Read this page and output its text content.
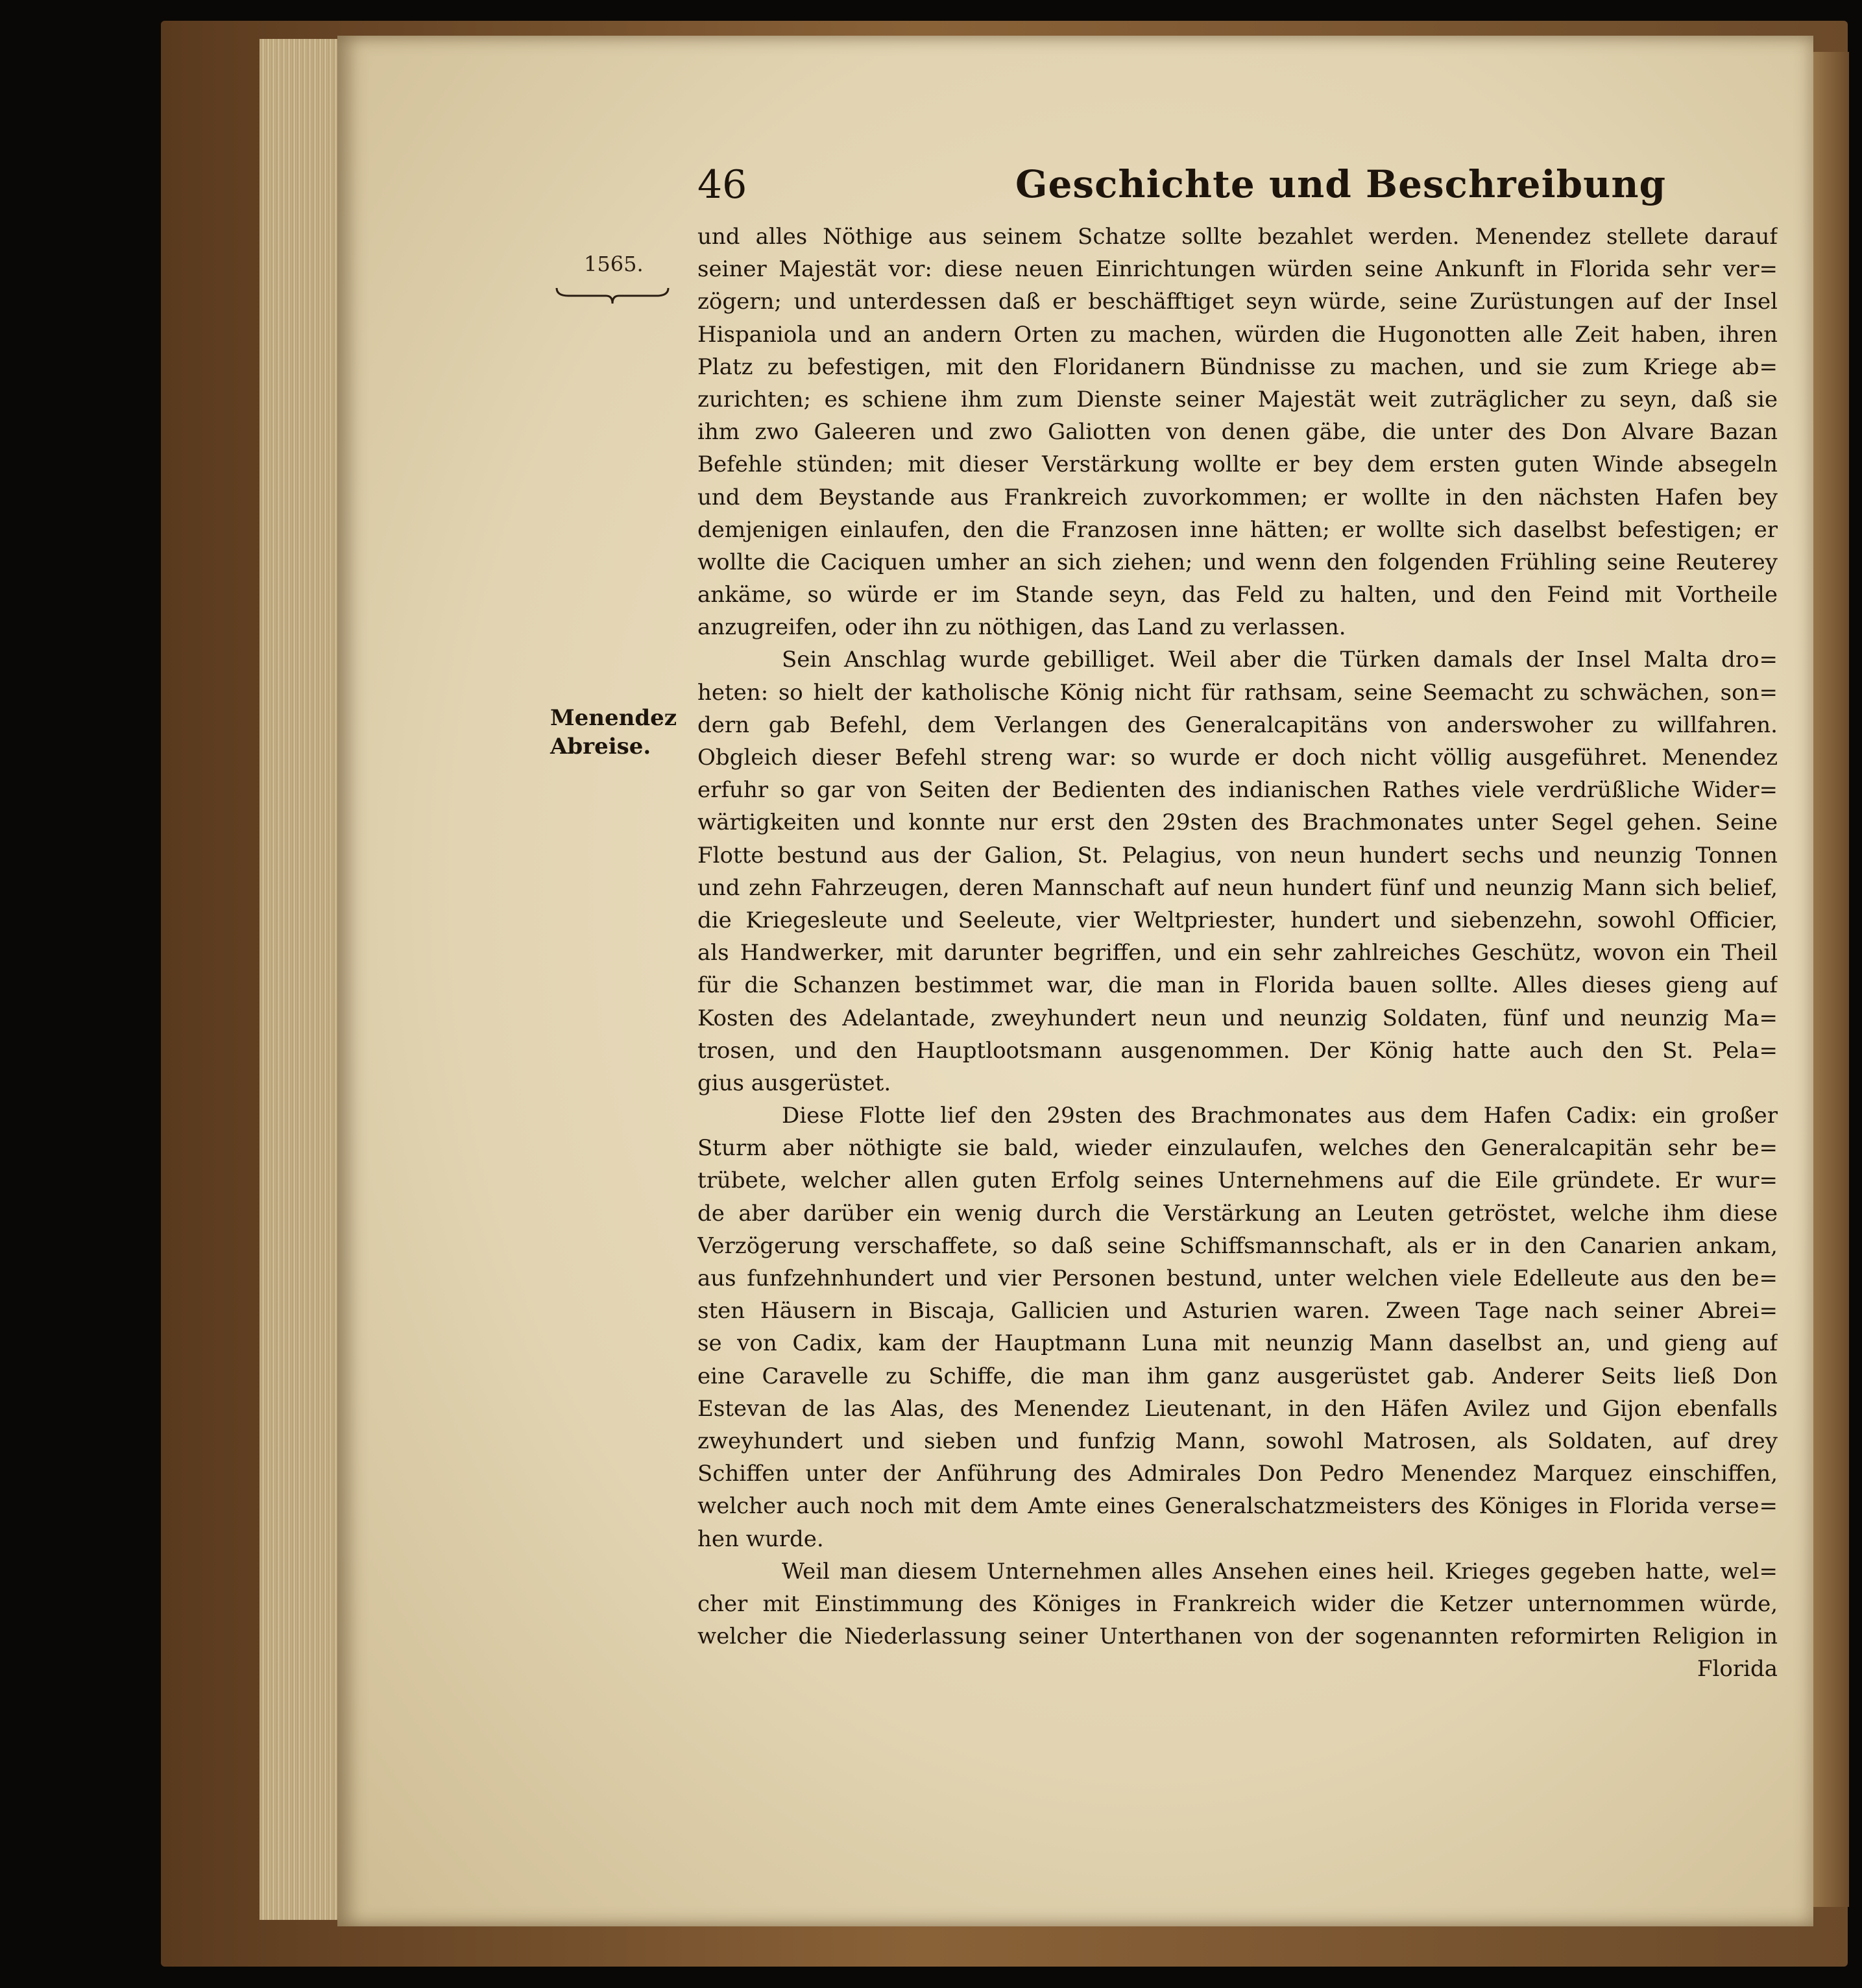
46	Geschichte und Beschreibung
1565.
Menendez
Abreise.
und alles Nöthige aus seinem Schatze sollte bezahlet werden. Menendez stellete darauf
seiner Majestät vor: diese neuen Einrichtungen würden seine Ankunft in Florida sehr ver=
zögern; und unterdessen daß er beschäfftiget seyn würde, seine Zurüstungen auf der Insel
Hispaniola und an andern Orten zu machen, würden die Hugonotten alle Zeit haben, ihren
Platz zu befestigen, mit den Floridanern Bündnisse zu machen, und sie zum Kriege ab=
zurichten; es schiene ihm zum Dienste seiner Majestät weit zuträglicher zu seyn, daß sie
ihm zwo Galeeren und zwo Galiotten von denen gäbe, die unter des Don Alvare Bazan
Befehle stünden; mit dieser Verstärkung wollte er bey dem ersten guten Winde absegeln
und dem Beystande aus Frankreich zuvorkommen; er wollte in den nächsten Hafen bey
demjenigen einlaufen, den die Franzosen inne hätten; er wollte sich daselbst befestigen; er
wollte die Caciquen umher an sich ziehen; und wenn den folgenden Frühling seine Reuterey
ankäme, so würde er im Stande seyn, das Feld zu halten, und den Feind mit Vortheile
anzugreifen, oder ihn zu nöthigen, das Land zu verlassen.
Sein Anschlag wurde gebilliget. Weil aber die Türken damals der Insel Malta dro=
heten: so hielt der katholische König nicht für rathsam, seine Seemacht zu schwächen, son=
dern gab Befehl, dem Verlangen des Generalcapitäns von anderswoher zu willfahren.
Obgleich dieser Befehl streng war: so wurde er doch nicht völlig ausgeführet. Menendez
erfuhr so gar von Seiten der Bedienten des indianischen Rathes viele verdrüßliche Wider=
wärtigkeiten und konnte nur erst den 29sten des Brachmonates unter Segel gehen. Seine
Flotte bestund aus der Galion, St. Pelagius, von neun hundert sechs und neunzig Tonnen
und zehn Fahrzeugen, deren Mannschaft auf neun hundert fünf und neunzig Mann sich belief,
die Kriegesleute und Seeleute, vier Weltpriester, hundert und siebenzehn, sowohl Officier,
als Handwerker, mit darunter begriffen, und ein sehr zahlreiches Geschütz, wovon ein Theil
für die Schanzen bestimmet war, die man in Florida bauen sollte. Alles dieses gieng auf
Kosten des Adelantade, zweyhundert neun und neunzig Soldaten, fünf und neunzig Ma=
trosen, und den Hauptlootsmann ausgenommen. Der König hatte auch den St. Pela=
gius ausgerüstet.
Diese Flotte lief den 29sten des Brachmonates aus dem Hafen Cadix: ein großer
Sturm aber nöthigte sie bald, wieder einzulaufen, welches den Generalcapitän sehr be=
trübete, welcher allen guten Erfolg seines Unternehmens auf die Eile gründete. Er wur=
de aber darüber ein wenig durch die Verstärkung an Leuten getröstet, welche ihm diese
Verzögerung verschaffete, so daß seine Schiffsmannschaft, als er in den Canarien ankam,
aus funfzehnhundert und vier Personen bestund, unter welchen viele Edelleute aus den be=
sten Häusern in Biscaja, Gallicien und Asturien waren. Zween Tage nach seiner Abrei=
se von Cadix, kam der Hauptmann Luna mit neunzig Mann daselbst an, und gieng auf
eine Caravelle zu Schiffe, die man ihm ganz ausgerüstet gab. Anderer Seits ließ Don
Estevan de las Alas, des Menendez Lieutenant, in den Häfen Avilez und Gijon ebenfalls
zweyhundert und sieben und funfzig Mann, sowohl Matrosen, als Soldaten, auf drey
Schiffen unter der Anführung des Admirales Don Pedro Menendez Marquez einschiffen,
welcher auch noch mit dem Amte eines Generalschatzmeisters des Königes in Florida verse=
hen wurde.
Weil man diesem Unternehmen alles Ansehen eines heil. Krieges gegeben hatte, wel=
cher mit Einstimmung des Königes in Frankreich wider die Ketzer unternommen würde,
welcher die Niederlassung seiner Unterthanen von der sogenannten reformirten Religion in
Florida
